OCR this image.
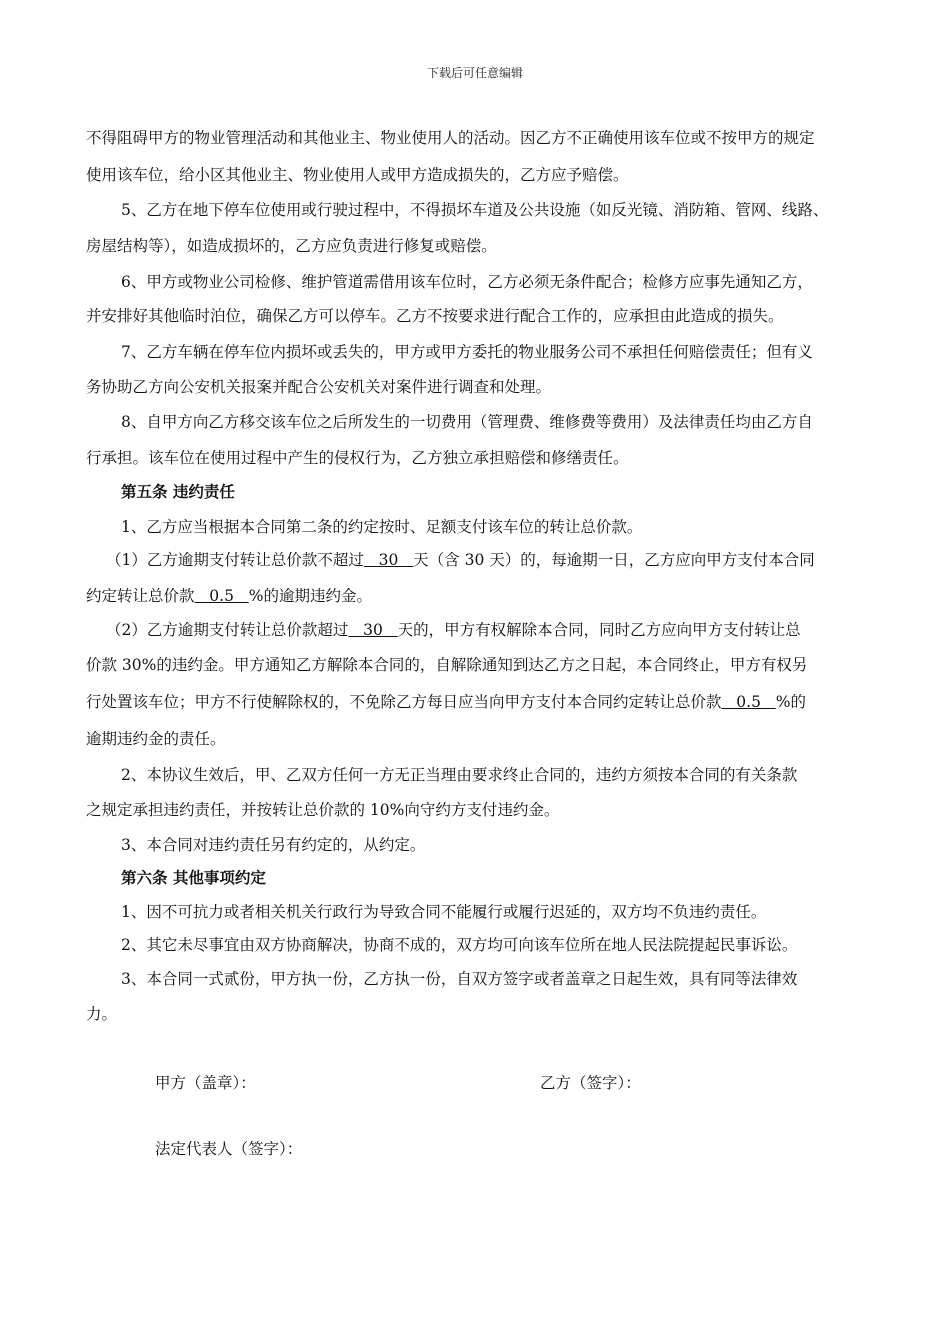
下载后可任意编辑
不得阻碍甲方的物业管理活动和其他业主、物业使用人的活动。因乙方不正确使用该车位或不按甲方的规定
使用该车位，给小区其他业主、物业使用人或甲方造成损失的，乙方应予赔偿。
5、乙方在地下停车位使用或行驶过程中，不得损坏车道及公共设施（如反光镜、消防箱、管网、线路、
房屋结构等），如造成损坏的，乙方应负责进行修复或赔偿。
6、甲方或物业公司检修、维护管道需借用该车位时，乙方必须无条件配合；检修方应事先通知乙方，
并安排好其他临时泊位，确保乙方可以停车。乙方不按要求进行配合工作的，应承担由此造成的损失。
7、乙方车辆在停车位内损坏或丢失的，甲方或甲方委托的物业服务公司不承担任何赔偿责任；但有义
务协助乙方向公安机关报案并配合公安机关对案件进行调查和处理。
8、自甲方向乙方移交该车位之后所发生的一切费用（管理费、维修费等费用）及法律责任均由乙方自
行承担。该车位在使用过程中产生的侵权行为，乙方独立承担赔偿和修缮责任。
第五条 违约责任
1、乙方应当根据本合同第二条的约定按时、足额支付该车位的转让总价款。
（1）乙方逾期支付转让总价款不超过   30   天（含 30 天）的，每逾期一日，乙方应向甲方支付本合同
约定转让总价款   0.5   %的逾期违约金。
（2）乙方逾期支付转让总价款超过   30   天的，甲方有权解除本合同，同时乙方应向甲方支付转让总
价款 30%的违约金。甲方通知乙方解除本合同的，自解除通知到达乙方之日起，本合同终止，甲方有权另
行处置该车位；甲方不行使解除权的，不免除乙方每日应当向甲方支付本合同约定转让总价款   0.5   %的
逾期违约金的责任。
2、本协议生效后，甲、乙双方任何一方无正当理由要求终止合同的，违约方须按本合同的有关条款
之规定承担违约责任，并按转让总价款的 10%向守约方支付违约金。
3、本合同对违约责任另有约定的，从约定。
第六条 其他事项约定
1、因不可抗力或者相关机关行政行为导致合同不能履行或履行迟延的，双方均不负违约责任。
2、其它未尽事宜由双方协商解决，协商不成的，双方均可向该车位所在地人民法院提起民事诉讼。
3、本合同一式贰份，甲方执一份，乙方执一份，自双方签字或者盖章之日起生效，具有同等法律效
力。
甲方（盖章）：	乙方（签字）：
法定代表人（签字）：
